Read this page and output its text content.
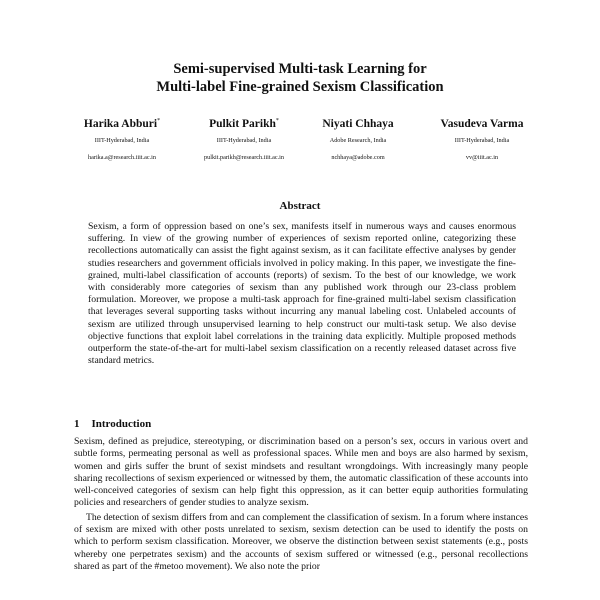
Semi-supervised Multi-task Learning for
Multi-label Fine-grained Sexism Classification
Harika Abburi*
IIIT-Hyderabad, India
harika.a@research.iiit.ac.in
Pulkit Parikh*
IIIT-Hyderabad, India
pulkit.parikh@research.iiit.ac.in
Niyati Chhaya
Adobe Research, India
nchhaya@adobe.com
Vasudeva Varma
IIIT-Hyderabad, India
vv@iiit.ac.in
Abstract

Sexism, a form of oppression based on one’s sex, manifests itself in numerous ways and causes enormous suffering. In view of the growing number of experiences of sexism reported online, categorizing these recollections automatically can assist the fight against sexism, as it can facilitate effective analyses by gender studies researchers and government officials involved in policy making. In this paper, we investigate the fine-grained, multi-label classification of accounts (reports) of sexism. To the best of our knowledge, we work with considerably more categories of sexism than any published work through our 23-class problem formulation. Moreover, we propose a multi-task approach for fine-grained multi-label sexism classification that leverages several supporting tasks without incurring any manual labeling cost. Unlabeled accounts of sexism are utilized through unsupervised learning to help construct our multi-task setup. We also devise objective functions that exploit label correlations in the training data explicitly. Multiple proposed methods outperform the state-of-the-art for multi-label sexism classification on a recently released dataset across five standard metrics.

1 Introduction

Sexism, defined as prejudice, stereotyping, or discrimination based on a person’s sex, occurs in various overt and subtle forms, permeating personal as well as professional spaces. While men and boys are also harmed by sexism, women and girls suffer the brunt of sexist mindsets and resultant wrongdoings. With increasingly many people sharing recollections of sexism experienced or witnessed by them, the automatic classification of these accounts into well-conceived categories of sexism can help fight this oppression, as it can better equip authorities formulating policies and researchers of gender studies to analyze sexism.

The detection of sexism differs from and can complement the classification of sexism. In a forum where instances of sexism are mixed with other posts unrelated to sexism, sexism detection can be used to identify the posts on which to perform sexism classification. Moreover, we observe the distinction between sexist statements (e.g., posts whereby one perpetrates sexism) and the accounts of sexism suffered or witnessed (e.g., personal recollections shared as part of the #metoo movement). We also note the prior
